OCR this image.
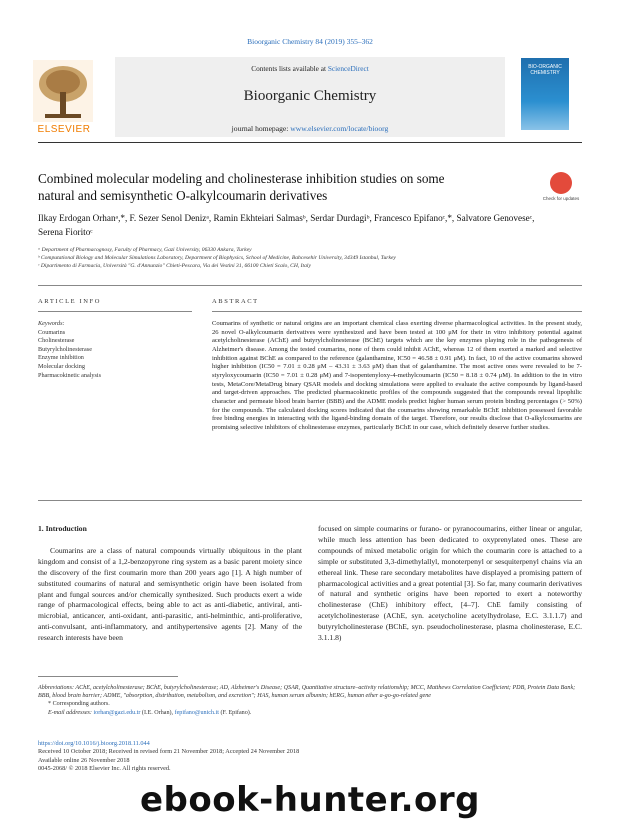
Bioorganic Chemistry 84 (2019) 355–362
Contents lists available at ScienceDirect
Bioorganic Chemistry
journal homepage: www.elsevier.com/locate/bioorg
ELSEVIER
BIO-ORGANIC CHEMISTRY
Combined molecular modeling and cholinesterase inhibition studies on some natural and semisynthetic O-alkylcoumarin derivatives	Check for updates
Ilkay Erdogan Orhanᵃ,*, F. Sezer Senol Denizᵃ, Ramin Ekhteiari Salmasᵇ, Serdar Durdagiᵇ, Francesco Epifanoᶜ,*, Salvatore Genoveseᶜ, Serena Fioritoᶜ
ᵃ Department of Pharmacognosy, Faculty of Pharmacy, Gazi University, 06330 Ankara, Turkey
ᵇ Computational Biology and Molecular Simulations Laboratory, Department of Biophysics, School of Medicine, Bahcesehir University, 34349 Istanbul, Turkey
ᶜ Dipartimento di Farmacia, Università "G. d'Annunzio" Chieti-Pescara, Via dei Vestini 31, 66100 Chieti Scalo, CH, Italy
ARTICLE INFO	ABSTRACT
Keywords:
Coumarins
Cholinesterase
Butyrylcholinesterase
Enzyme inhibition
Molecular docking
Pharmacokinetic analysis
Coumarins of synthetic or natural origins are an important chemical class exerting diverse pharmacological activities. In the present study, 26 novel O-alkylcoumarin derivatives were synthesized and have been tested at 100 μM for their in vitro inhibitory potential against acetylcholinesterase (AChE) and butyrylcholinesterase (BChE) targets which are the key enzymes playing role in the pathogenesis of Alzheimer's disease. Among the tested coumarins, none of them could inhibit AChE, whereas 12 of them exerted a marked and selective inhibition against BChE as compared to the reference (galanthamine, IC50 = 46.58 ± 0.91 μM). In fact, 10 of the active coumarins showed higher inhibition (IC50 = 7.01 ± 0.28 μM – 43.31 ± 3.63 μM) than that of galanthamine. The most active ones were revealed to be 7-styryloxycoumarin (IC50 = 7.01 ± 0.28 μM) and 7-isopentenyloxy-4-methylcoumarin (IC50 = 8.18 ± 0.74 μM). In addition to the in vitro tests, MetaCore/MetaDrug binary QSAR models and docking simulations were applied to evaluate the active compounds by ligand-based and target-driven approaches. The predicted pharmacokinetic profiles of the compounds suggested that the compounds reveal lipophilic character and permeate blood brain barrier (BBB) and the ADME models predict higher human serum protein binding percentages (> 50%) for the compounds. The calculated docking scores indicated that the coumarins showing remarkable BChE inhibition possessed favorable free binding energies in interacting with the ligand-binding domain of the target. Therefore, our results disclose that O-alkylcoumarins are promising selective inhibitors of cholinesterase enzymes, particularly BChE in our case, which definitely deserve further studies.

1. Introduction

Coumarins are a class of natural compounds virtually ubiquitous in the plant kingdom and consist of a 1,2-benzopyrone ring system as a basic parent moiety since the discovery of the first coumarin more than 200 years ago [1]. A high number of substituted coumarins of natural and semisynthetic origin have been isolated from plant and fungal sources and/or chemically synthesized. Such products exert a wide range of pharmacological effects, being able to act as anti-diabetic, antiviral, anti-microbial, anticancer, anti-oxidant, anti-parasitic, anti-helminthic, anti-proliferative, anti-convulsant, anti-inflammatory, and antihypertensive agents [2]. Many of the research interests have been

focused on simple coumarins or furano- or pyranocoumarins, either linear or angular, while much less attention has been dedicated to oxyprenylated ones. These are compounds of mixed metabolic origin for which the coumarin core is attached to a simple or substituted 3,3-dimethylallyl, monoterpenyl or sesquiterpenyl chains via an ethereal link. These rare secondary metabolites have displayed a promising pattern of pharmacological activities and a great potential [3]. So far, many coumarin derivatives of natural and synthetic origins have been reported to exert a noteworthy cholinesterase (ChE) inhibitory effect, [4–7]. ChE family consisting of acetylcholinesterase (AChE, syn. acetycholine acetylhydrolase, E.C. 3.1.1.7) and butyrylcholinesterase (BChE, syn. pseudocholinesterase, plasma cholinesterase, E.C. 3.1.1.8)

Abbreviations: AChE, acetylcholinesterase; BChE, butyrylcholinesterase; AD, Alzheimer's Disease; QSAR, Quantitative structure–activity relationship; MCC, Matthews Correlation Coefficient; PDB, Protein Data Bank; BBB, blood brain barrier; ADME, "absorption, distribution, metabolism, and excretion"; HAS, human serum albumin; hERG, human ether a-go-go-related gene

* Corresponding authors.

E-mail addresses: iorhan@gazi.edu.tr (I.E. Orhan), fepifano@unich.it (F. Epifano).

https://doi.org/10.1016/j.bioorg.2018.11.044

Received 10 October 2018; Received in revised form 21 November 2018; Accepted 24 November 2018

Available online 26 November 2018

0045-2068/ © 2018 Elsevier Inc. All rights reserved.

ebook-hunter.org
